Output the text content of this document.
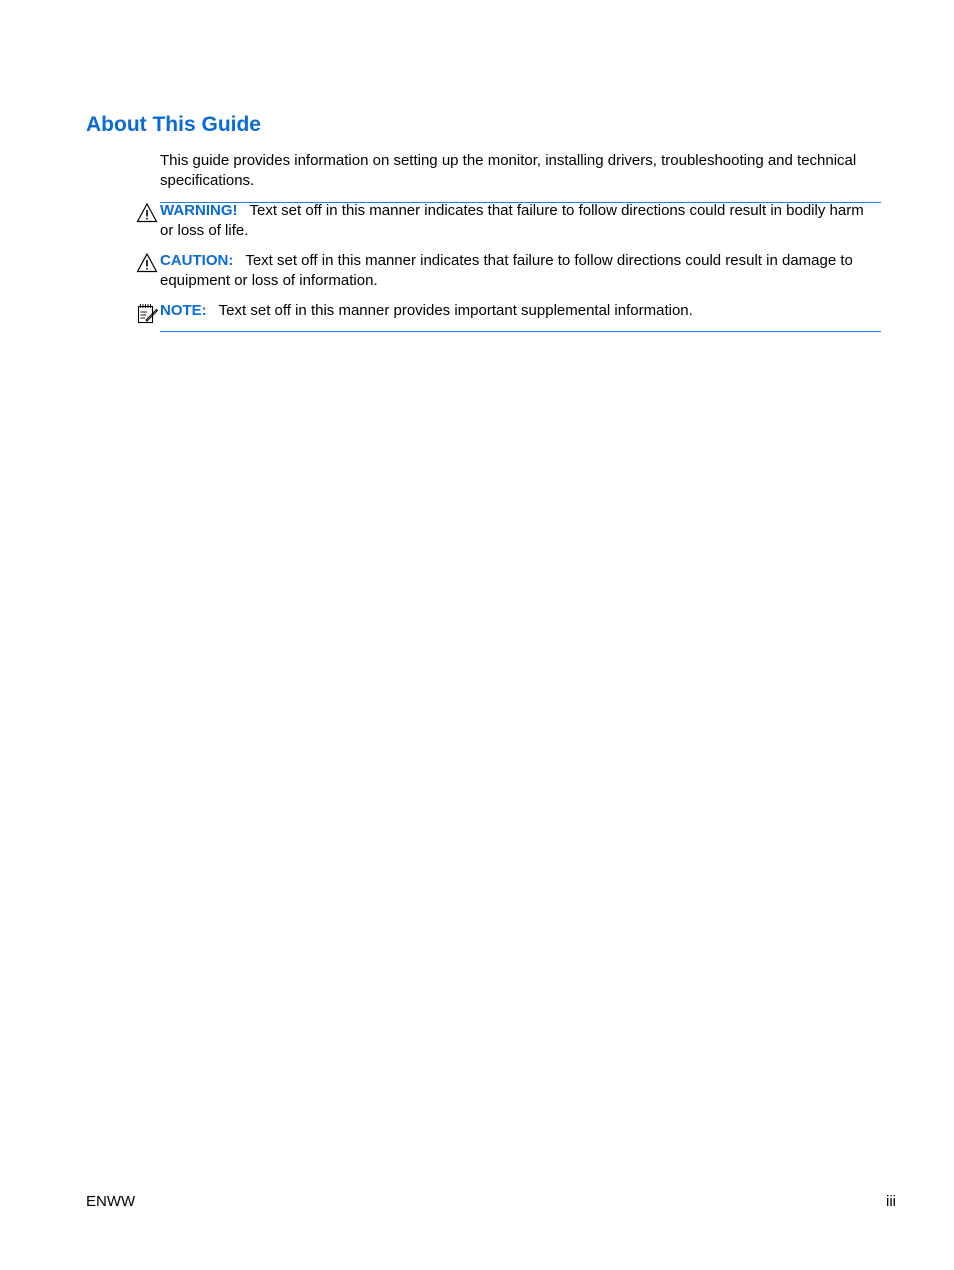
About This Guide

This guide provides information on setting up the monitor, installing drivers, troubleshooting and technical specifications.

WARNING! Text set off in this manner indicates that failure to follow directions could result in bodily harm or loss of life.
CAUTION: Text set off in this manner indicates that failure to follow directions could result in damage to equipment or loss of information.
NOTE: Text set off in this manner provides important supplemental information.
ENWW	iii
